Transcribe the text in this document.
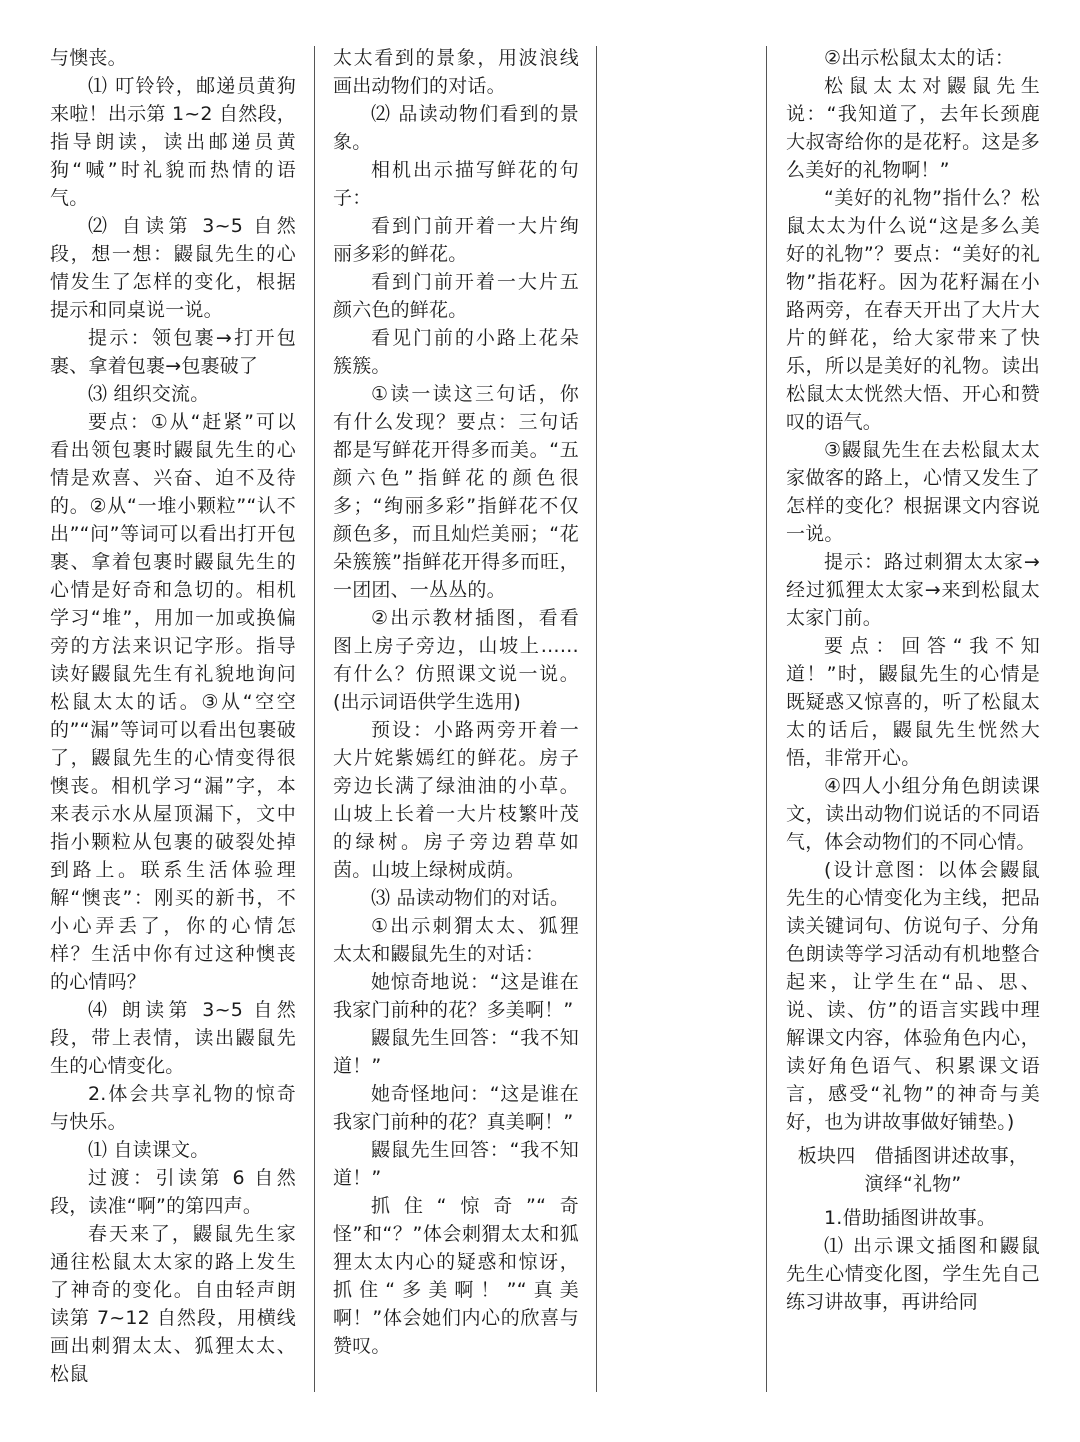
与懊丧。

⑴ 叮铃铃，邮递员黄狗来啦！出示第 1~2 自然段，指导朗读，读出邮递员黄狗“喊”时礼貌而热情的语气。

⑵ 自读第 3~5 自然段，想一想：鼹鼠先生的心情发生了怎样的变化，根据提示和同桌说一说。

提示：领包裹→打开包裹、拿着包裹→包裹破了

⑶ 组织交流。

要点：①从“赶紧”可以看出领包裹时鼹鼠先生的心情是欢喜、兴奋、迫不及待的。②从“一堆小颗粒”“认不出”“问”等词可以看出打开包裹、拿着包裹时鼹鼠先生的心情是好奇和急切的。相机学习“堆”，用加一加或换偏旁的方法来识记字形。指导读好鼹鼠先生有礼貌地询问松鼠太太的话。③从“空空的”“漏”等词可以看出包裹破了，鼹鼠先生的心情变得很懊丧。相机学习“漏”字，本来表示水从屋顶漏下，文中指小颗粒从包裹的破裂处掉到路上。联系生活体验理解“懊丧”：刚买的新书，不小心弄丢了，你的心情怎样？生活中你有过这种懊丧的心情吗？

⑷ 朗读第 3~5 自然段，带上表情，读出鼹鼠先生的心情变化。

2.体会共享礼物的惊奇与快乐。

⑴ 自读课文。

过渡：引读第 6 自然段，读准“啊”的第四声。

春天来了，鼹鼠先生家通往松鼠太太家的路上发生了神奇的变化。自由轻声朗读第 7~12 自然段，用横线画出刺猬太太、狐狸太太、松鼠

太太看到的景象，用波浪线画出动物们的对话。

⑵ 品读动物们看到的景象。

相机出示描写鲜花的句子：

看到门前开着一大片绚丽多彩的鲜花。

看到门前开着一大片五颜六色的鲜花。

看见门前的小路上花朵簇簇。

①读一读这三句话，你有什么发现？要点：三句话都是写鲜花开得多而美。“五颜六色”指鲜花的颜色很多；“绚丽多彩”指鲜花不仅颜色多，而且灿烂美丽；“花朵簇簇”指鲜花开得多而旺，一团团、一丛丛的。

②出示教材插图，看看图上房子旁边，山坡上……有什么？仿照课文说一说。(出示词语供学生选用)

预设：小路两旁开着一大片姹紫嫣红的鲜花。房子旁边长满了绿油油的小草。山坡上长着一大片枝繁叶茂的绿树。房子旁边碧草如茵。山坡上绿树成荫。

⑶ 品读动物们的对话。

①出示刺猬太太、狐狸太太和鼹鼠先生的对话：

她惊奇地说：“这是谁在我家门前种的花？多美啊！”

鼹鼠先生回答：“我不知道！”

她奇怪地问：“这是谁在我家门前种的花？真美啊！”

鼹鼠先生回答：“我不知道！”

抓住“惊奇”“奇怪”和“？”体会刺猬太太和狐狸太太内心的疑惑和惊讶，抓住“多美啊！”“真美啊！”体会她们内心的欣喜与赞叹。

②出示松鼠太太的话：

松鼠太太对鼹鼠先生说：“我知道了，去年长颈鹿大叔寄给你的是花籽。这是多么美好的礼物啊！”

“美好的礼物”指什么？松鼠太太为什么说“这是多么美好的礼物”？要点：“美好的礼物”指花籽。因为花籽漏在小路两旁，在春天开出了大片大片的鲜花，给大家带来了快乐，所以是美好的礼物。读出松鼠太太恍然大悟、开心和赞叹的语气。

③鼹鼠先生在去松鼠太太家做客的路上，心情又发生了怎样的变化？根据课文内容说一说。

提示：路过刺猬太太家→经过狐狸太太家→来到松鼠太太家门前。

要点：回答“我不知道！”时，鼹鼠先生的心情是既疑惑又惊喜的，听了松鼠太太的话后，鼹鼠先生恍然大悟，非常开心。

④四人小组分角色朗读课文，读出动物们说话的不同语气，体会动物们的不同心情。

(设计意图：以体会鼹鼠先生的心情变化为主线，把品读关键词句、仿说句子、分角色朗读等学习活动有机地整合起来，让学生在“品、思、说、读、仿”的语言实践中理解课文内容，体验角色内心，读好角色语气、积累课文语言，感受“礼物”的神奇与美好，也为讲故事做好铺垫。)

板块四　借插图讲述故事，

演绎“礼物”

1.借助插图讲故事。

⑴ 出示课文插图和鼹鼠先生心情变化图，学生先自己练习讲故事，再讲给同
